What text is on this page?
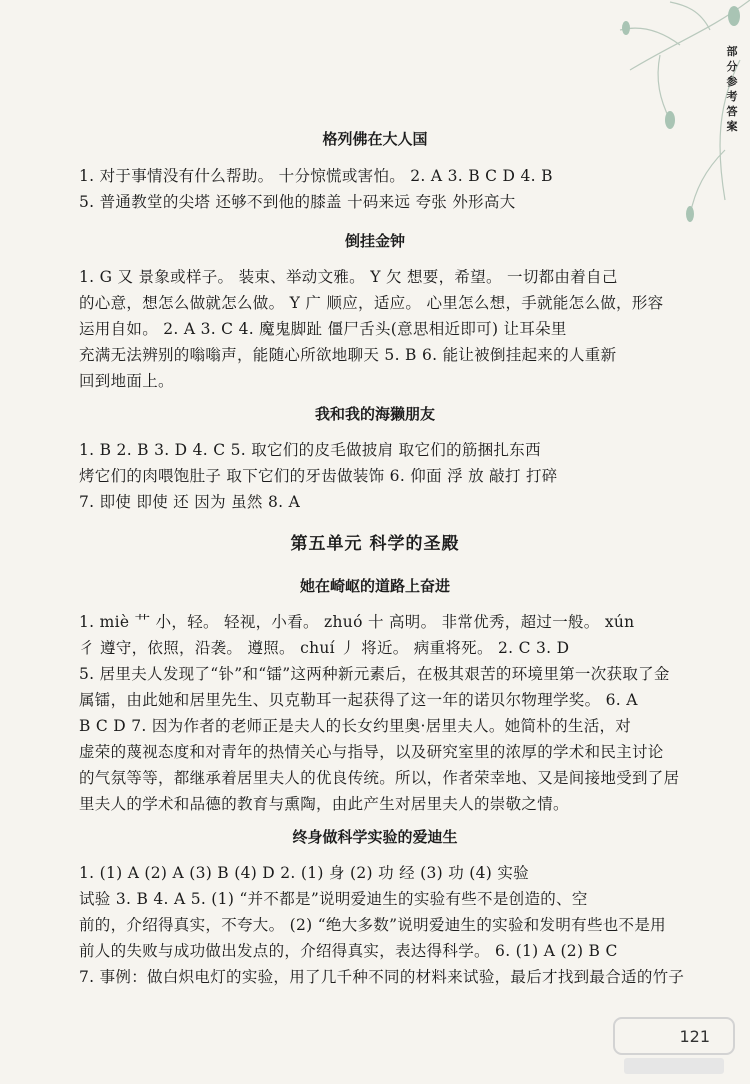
部
分
参
考
答
案
格列佛在大人国
1. 对于事情没有什么帮助。 十分惊慌或害怕。 2. A 3. B C D 4. B
5. 普通教堂的尖塔 还够不到他的膝盖 十码来远 夸张 外形高大
倒挂金钟
1. G 又 景象或样子。 装束、举动文雅。 Y 欠 想要，希望。 一切都由着自己
的心意，想怎么做就怎么做。 Y 广 顺应，适应。 心里怎么想，手就能怎么做，形容
运用自如。 2. A 3. C 4. 魔鬼脚趾 僵尸舌头(意思相近即可) 让耳朵里
充满无法辨别的嗡嗡声，能随心所欲地聊天 5. B 6. 能让被倒挂起来的人重新
回到地面上。
我和我的海獭朋友
1. B 2. B 3. D 4. C 5. 取它们的皮毛做披肩 取它们的筋捆扎东西
烤它们的肉喂饱肚子 取下它们的牙齿做装饰 6. 仰面 浮 放 敲打 打碎
7. 即使 即使 还 因为 虽然 8. A
第五单元 科学的圣殿
她在崎岖的道路上奋进
1. miè 艹 小，轻。 轻视，小看。 zhuó 十 高明。 非常优秀，超过一般。 xún
彳 遵守，依照，沿袭。 遵照。 chuí 丿 将近。 病重将死。 2. C 3. D
5. 居里夫人发现了“钋”和“镭”这两种新元素后，在极其艰苦的环境里第一次获取了金
属镭，由此她和居里先生、贝克勒耳一起获得了这一年的诺贝尔物理学奖。 6. A
B C D 7. 因为作者的老师正是夫人的长女约里奥·居里夫人。她简朴的生活，对
虚荣的蔑视态度和对青年的热情关心与指导，以及研究室里的浓厚的学术和民主讨论
的气氛等等，都继承着居里夫人的优良传统。所以，作者荣幸地、又是间接地受到了居
里夫人的学术和品德的教育与熏陶，由此产生对居里夫人的崇敬之情。
终身做科学实验的爱迪生
1. (1) A (2) A (3) B (4) D 2. (1) 身 (2) 功 经 (3) 功 (4) 实验
试验 3. B 4. A 5. (1) “并不都是”说明爱迪生的实验有些不是创造的、空
前的，介绍得真实，不夸大。 (2) “绝大多数”说明爱迪生的实验和发明有些也不是用
前人的失败与成功做出发点的，介绍得真实，表达得科学。 6. (1) A (2) B C
7. 事例：做白炽电灯的实验，用了几千种不同的材料来试验，最后才找到最合适的竹子
121
